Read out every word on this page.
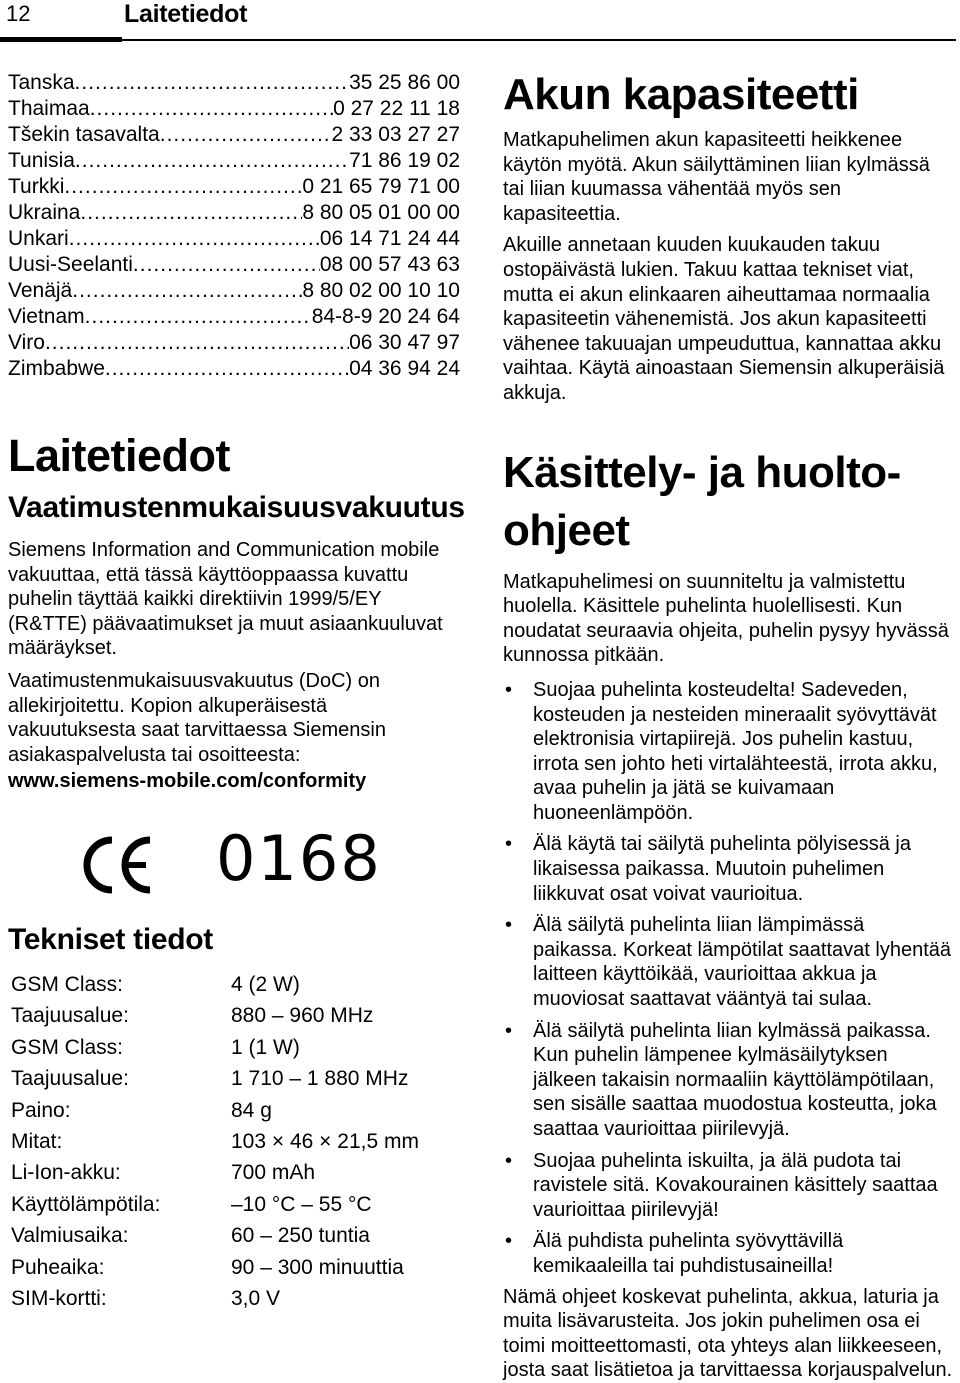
12	Laitetiedot
Tanska .....	35 25 86 00
Thaimaa .....	0 27 22 11 18
Tšekin tasavalta .....	2 33 03 27 27
Tunisia .....	71 86 19 02
Turkki .....	0 21 65 79 71 00
Ukraina .....	8 80 05 01 00 00
Unkari .....	06 14 71 24 44
Uusi-Seelanti .....	08 00 57 43 63
Venäjä .....	8 80 02 00 10 10
Vietnam .....	84-8-9 20 24 64
Viro .....	06 30 47 97
Zimbabwe .....	04 36 94 24
Laitetiedot
Vaatimustenmukaisuusvakuutus

Siemens Information and Communication mobile vakuuttaa, että tässä käyttöoppaassa kuvattu puhelin täyttää kaikki direktiivin 1999/5/EY (R&TTE) päävaatimukset ja muut asiaankuuluvat määräykset.

Vaatimustenmukaisuusvakuutus (DoC) on allekirjoitettu. Kopion alkuperäisestä vakuutuksesta saat tarvittaessa Siemensin asiakaspalvelusta tai osoitteesta:

www.siemens-mobile.com/conformity

0168
Tekniset tiedot
GSM Class:	4 (2 W)
Taajuusalue:	880 – 960 MHz
GSM Class:	1 (1 W)
Taajuusalue:	1 710 – 1 880 MHz
Paino:	84 g
Mitat:	103 × 46 × 21,5 mm
Li-Ion-akku:	700 mAh
Käyttölämpötila:	–10 °C – 55 °C
Valmiusaika:	60 – 250 tuntia
Puheaika:	90 – 300 minuuttia
SIM-kortti:	3,0 V
Akun kapasiteetti

Matkapuhelimen akun kapasiteetti heikkenee käytön myötä. Akun säilyttäminen liian kylmässä tai liian kuumassa vähentää myös sen kapasiteettia.

Akuille annetaan kuuden kuukauden takuu ostopäivästä lukien. Takuu kattaa tekniset viat, mutta ei akun elinkaaren aiheuttamaa normaalia kapasiteetin vähenemistä. Jos akun kapasiteetti vähenee takuuajan umpeuduttua, kannattaa akku vaihtaa. Käytä ainoastaan Siemensin alkuperäisiä akkuja.

Käsittely- ja huolto-
ohjeet

Matkapuhelimesi on suunniteltu ja valmistettu huolella. Käsittele puhelinta huolellisesti. Kun noudatat seuraavia ohjeita, puhelin pysyy hyvässä kunnossa pitkään.

• Suojaa puhelinta kosteudelta! Sadeveden, kosteuden ja nesteiden mineraalit syövyttävät elektronisia virtapiirejä. Jos puhelin kastuu, irrota sen johto heti virtalähteestä, irrota akku, avaa puhelin ja jätä se kuivamaan huoneenlämpöön.
• Älä käytä tai säilytä puhelinta pölyisessä ja likaisessa paikassa. Muutoin puhelimen liikkuvat osat voivat vaurioitua.
• Älä säilytä puhelinta liian lämpimässä paikassa. Korkeat lämpötilat saattavat lyhentää laitteen käyttöikää, vaurioittaa akkua ja muoviosat saattavat vääntyä tai sulaa.
• Älä säilytä puhelinta liian kylmässä paikassa. Kun puhelin lämpenee kylmäsäilytyksen jälkeen takaisin normaaliin käyttölämpötilaan, sen sisälle saattaa muodostua kosteutta, joka saattaa vaurioittaa piirilevyjä.
• Suojaa puhelinta iskuilta, ja älä pudota tai ravistele sitä. Kovakourainen käsittely saattaa vaurioittaa piirilevyjä!
• Älä puhdista puhelinta syövyttävillä kemikaaleilla tai puhdistusaineilla!

Nämä ohjeet koskevat puhelinta, akkua, laturia ja muita lisävarusteita. Jos jokin puhelimen osa ei toimi moitteettomasti, ota yhteys alan liikkeeseen, josta saat lisätietoa ja tarvittaessa korjauspalvelun.
